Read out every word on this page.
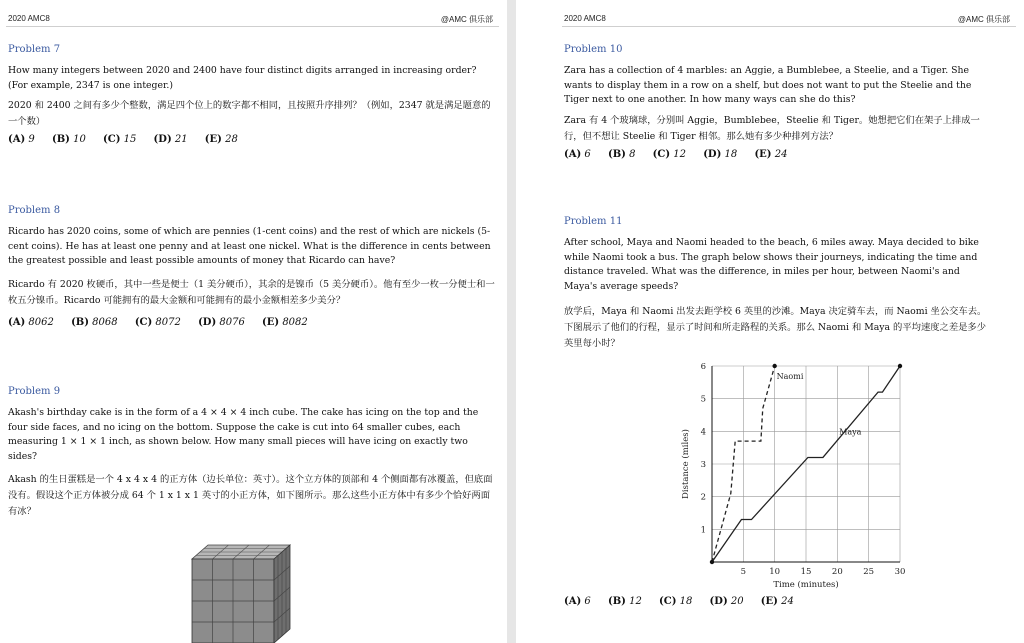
2020 AMC8	@AMC 俱乐部
Problem 7

How many integers between 2020 and 2400 have four distinct digits arranged in increasing order? (For example, 2347 is one integer.)

2020 和 2400 之间有多少个整数，满足四个位上的数字都不相同，且按照升序排列？（例如，2347 就是满足题意的一个数）

(A) 9 (B) 10 (C) 15 (D) 21 (E) 28
Problem 8

Ricardo has 2020 coins, some of which are pennies (1-cent coins) and the rest of which are nickels (5-cent coins). He has at least one penny and at least one nickel. What is the difference in cents between the greatest possible and least possible amounts of money that Ricardo can have?

Ricardo 有 2020 枚硬币，其中一些是便士（1 美分硬币），其余的是镍币（5 美分硬币）。他有至少一枚一分便士和一枚五分镍币。Ricardo 可能拥有的最大金额和可能拥有的最小金额相差多少美分？

(A) 8062 (B) 8068 (C) 8072 (D) 8076 (E) 8082
Problem 9

Akash's birthday cake is in the form of a 4 × 4 × 4 inch cube. The cake has icing on the top and the four side faces, and no icing on the bottom. Suppose the cake is cut into 64 smaller cubes, each measuring 1 × 1 × 1 inch, as shown below. How many small pieces will have icing on exactly two sides?

Akash 的生日蛋糕是一个 4 x 4 x 4 的正方体（边长单位：英寸）。这个立方体的顶部和 4 个侧面都有冰覆盖，但底面没有。假设这个正方体被分成 64 个 1 x 1 x 1 英寸的小正方体，如下图所示。那么这些小正方体中有多少个恰好两面有冰？

2020 AMC8	@AMC 俱乐部
Problem 10

Zara has a collection of 4 marbles: an Aggie, a Bumblebee, a Steelie, and a Tiger. She wants to display them in a row on a shelf, but does not want to put the Steelie and the Tiger next to one another. In how many ways can she do this?

Zara 有 4 个玻璃球，分别叫 Aggie，Bumblebee，Steelie 和 Tiger。她想把它们在架子上排成一行，但不想让 Steelie 和 Tiger 相邻。那么她有多少种排列方法？

(A) 6 (B) 8 (C) 12 (D) 18 (E) 24
Problem 11

After school, Maya and Naomi headed to the beach, 6 miles away. Maya decided to bike while Naomi took a bus. The graph below shows their journeys, indicating the time and distance traveled. What was the difference, in miles per hour, between Naomi's and Maya's average speeds?

放学后，Maya 和 Naomi 出发去距学校 6 英里的沙滩。Maya 决定骑车去，而 Naomi 坐公交车去。下图展示了他们的行程，显示了时间和所走路程的关系。那么 Naomi 和 Maya 的平均速度之差是多少英里每小时？

5	10 15 20 25 30
1
2
3
4
5
6
Time (minutes)
Distance (miles)
Naomi
Maya
(A) 6 (B) 12 (C) 18 (D) 20 (E) 24
